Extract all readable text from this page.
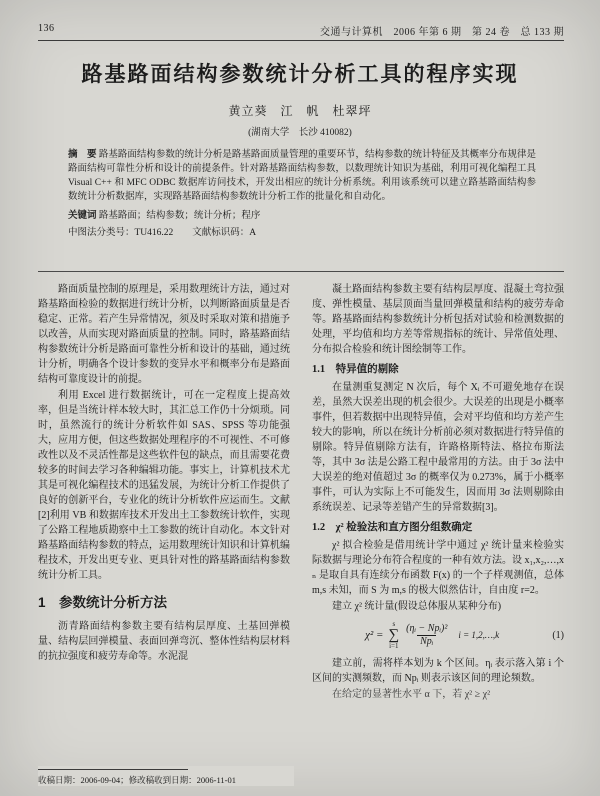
136	交通与计算机　2006 年第 6 期　第 24 卷　总 133 期
路基路面结构参数统计分析工具的程序实现
黄立葵　江　帆　杜翠坪
(湖南大学　长沙 410082)

摘　要 路基路面结构参数的统计分析是路基路面质量管理的重要环节，结构参数的统计特征及其概率分布规律是路面结构可靠性分析和设计的前提条件。针对路基路面结构参数，以数理统计知识为基础，利用可视化编程工具 Visual C++ 和 MFC ODBC 数据库访问技术，开发出相应的统计分析系统。利用该系统可以建立路基路面结构参数统计分析数据库，实现路基路面结构参数统计分析工作的批量化和自动化。

关键词 路基路面；结构参数；统计分析；程序

中图法分类号：TU416.22　　文献标识码：A

路面质量控制的原理是，采用数理统计方法，通过对路基路面检验的数据进行统计分析，以判断路面质量是否稳定、正常。若产生异常情况，须及时采取对策和措施予以改善，从而实现对路面质量的控制。同时，路基路面结构参数统计分析是路面可靠性分析和设计的基础，通过统计分析，明确各个设计参数的变异水平和概率分布是路面结构可靠度设计的前提。

利用 Excel 进行数据统计，可在一定程度上提高效率，但是当统计样本较大时，其汇总工作仍十分烦琐。同时，虽然流行的统计分析软件如 SAS、SPSS 等功能强大，应用方便，但这些数据处理程序的不可视性、不可修改性以及不灵活性都是这些软件包的缺点，而且需要花费较多的时间去学习各种编辑功能。事实上，计算机技术尤其是可视化编程技术的迅猛发展，为统计分析工作提供了良好的创新平台，专业化的统计分析软件应运而生。文献[2]利用 VB 和数据库技术开发出土工参数统计软件，实现了公路工程地质勘察中土工参数的统计自动化。本文针对路基路面结构参数的特点，运用数理统计知识和计算机编程技术，开发出更专业、更具针对性的路基路面结构参数统计分析工具。

1　参数统计分析方法

沥青路面结构参数主要有结构层厚度、土基回弹模量、结构层回弹模量、表面回弹弯沉、整体性结构层材料的抗拉强度和疲劳寿命等。水泥混

凝土路面结构参数主要有结构层厚度、混凝土弯拉强度、弹性模量、基层顶面当量回弹模量和结构的疲劳寿命等。路基路面结构参数统计分析包括对试验和检测数据的处理，平均值和均方差等常规指标的统计、异常值处理、分布拟合检验和统计图绘制等工作。

1.1　特异值的剔除

在量测重复测定 N 次后，每个 Xᵢ 不可避免地存在误差，虽然大误差出现的机会很少。大误差的出现是小概率事件，但若数据中出现特异值，会对平均值和均方差产生较大的影响，所以在统计分析前必须对数据进行特异值的剔除。特异值剔除方法有，许路格斯特法、格拉布斯法等，其中 3σ 法是公路工程中最常用的方法。由于 3σ 法中大误差的绝对值超过 3σ 的概率仅为 0.273%，属于小概率事件，可认为实际上不可能发生，因而用 3σ 法则剔除由系统误差、记录等差错产生的异常数据[3]。

1.2　χ² 检验法和直方图分组数确定

χ² 拟合检验是借用统计学中通过 χ² 统计量来检验实际数据与理论分布符合程度的一种有效方法。设 x₁,x₂,…,xₙ 是取自具有连续分布函数 F(x) 的一个子样观测值，总体 m,s 未知，而 S 为 m,s 的极大似然估计，自由度 r=2。

建立 χ² 统计量(假设总体服从某种分布)

χ² =
s
∑
$i=1 \frac{\text{(ηᵢ − Npᵢ)²}}{\text{Npᵢ}}$ i = 1,2,…,k	(1)

建立前，需将样本划为 k 个区间。ηᵢ 表示落入第 i 个区间的实测频数，而 Npᵢ 则表示该区间的理论频数。

在给定的显著性水平 α 下，若 χ² ≥ χ²

收稿日期：2006-09-04；修改稿收到日期：2006-11-01
